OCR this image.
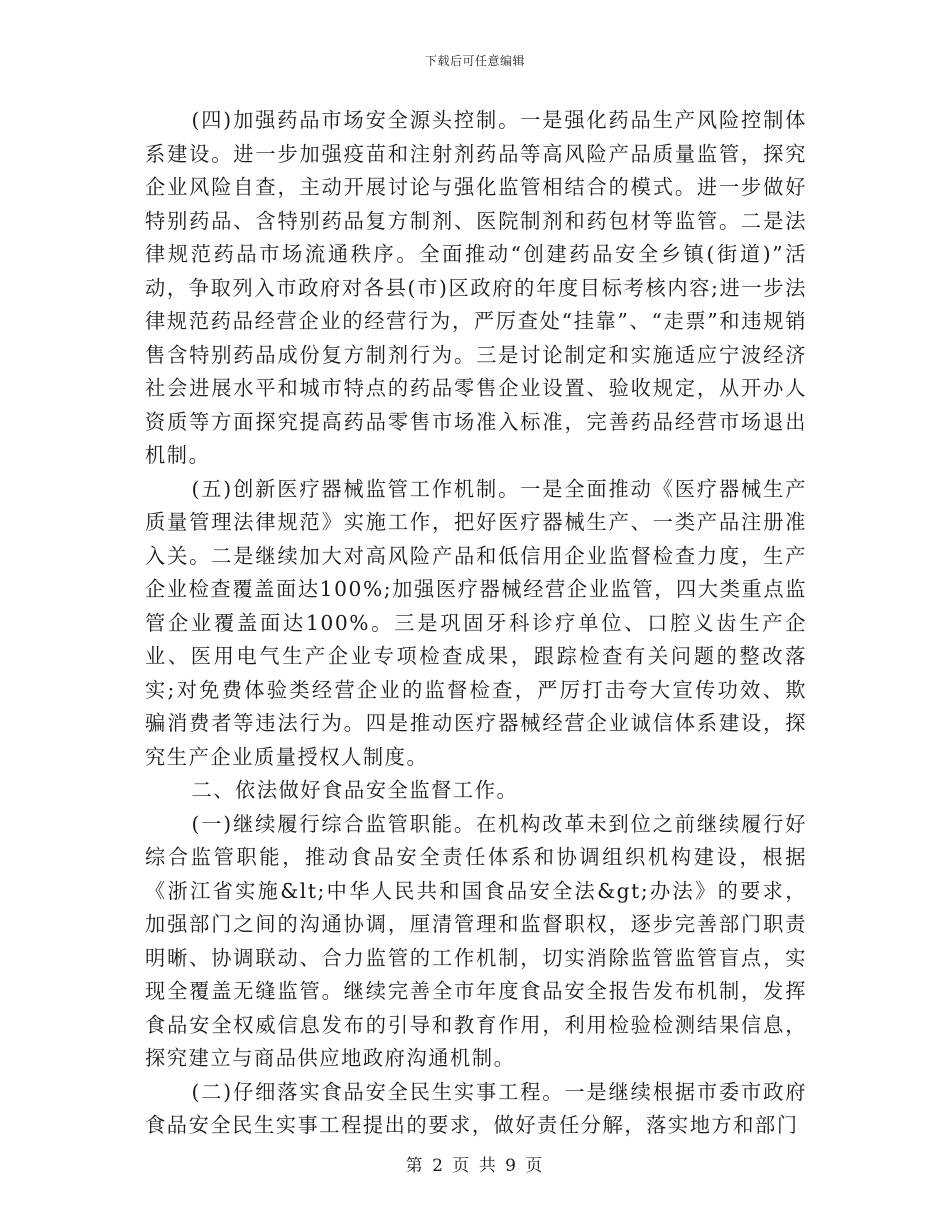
下载后可任意编辑

(四)加强药品市场安全源头控制。一是强化药品生产风险控制体系建设。进一步加强疫苗和注射剂药品等高风险产品质量监管，探究企业风险自查，主动开展讨论与强化监管相结合的模式。进一步做好特别药品、含特别药品复方制剂、医院制剂和药包材等监管。二是法律规范药品市场流通秩序。全面推动“创建药品安全乡镇(街道)”活动，争取列入市政府对各县(市)区政府的年度目标考核内容;进一步法律规范药品经营企业的经营行为，严厉查处“挂靠”、“走票”和违规销售含特别药品成份复方制剂行为。三是讨论制定和实施适应宁波经济社会进展水平和城市特点的药品零售企业设置、验收规定，从开办人资质等方面探究提高药品零售市场准入标准，完善药品经营市场退出机制。

(五)创新医疗器械监管工作机制。一是全面推动《医疗器械生产质量管理法律规范》实施工作，把好医疗器械生产、一类产品注册准入关。二是继续加大对高风险产品和低信用企业监督检查力度，生产企业检查覆盖面达100%;加强医疗器械经营企业监管，四大类重点监管企业覆盖面达100%。三是巩固牙科诊疗单位、口腔义齿生产企业、医用电气生产企业专项检查成果，跟踪检查有关问题的整改落实;对免费体验类经营企业的监督检查，严厉打击夸大宣传功效、欺骗消费者等违法行为。四是推动医疗器械经营企业诚信体系建设，探究生产企业质量授权人制度。

二、依法做好食品安全监督工作。

(一)继续履行综合监管职能。在机构改革未到位之前继续履行好综合监管职能，推动食品安全责任体系和协调组织机构建设，根据《浙江省实施&lt;中华人民共和国食品安全法&gt;办法》的要求，加强部门之间的沟通协调，厘清管理和监督职权，逐步完善部门职责明晰、协调联动、合力监管的工作机制，切实消除监管监管盲点，实现全覆盖无缝监管。继续完善全市年度食品安全报告发布机制，发挥食品安全权威信息发布的引导和教育作用，利用检验检测结果信息，探究建立与商品供应地政府沟通机制。

(二)仔细落实食品安全民生实事工程。一是继续根据市委市政府食品安全民生实事工程提出的要求，做好责任分解，落实地方和部门

第 2 页 共 9 页
